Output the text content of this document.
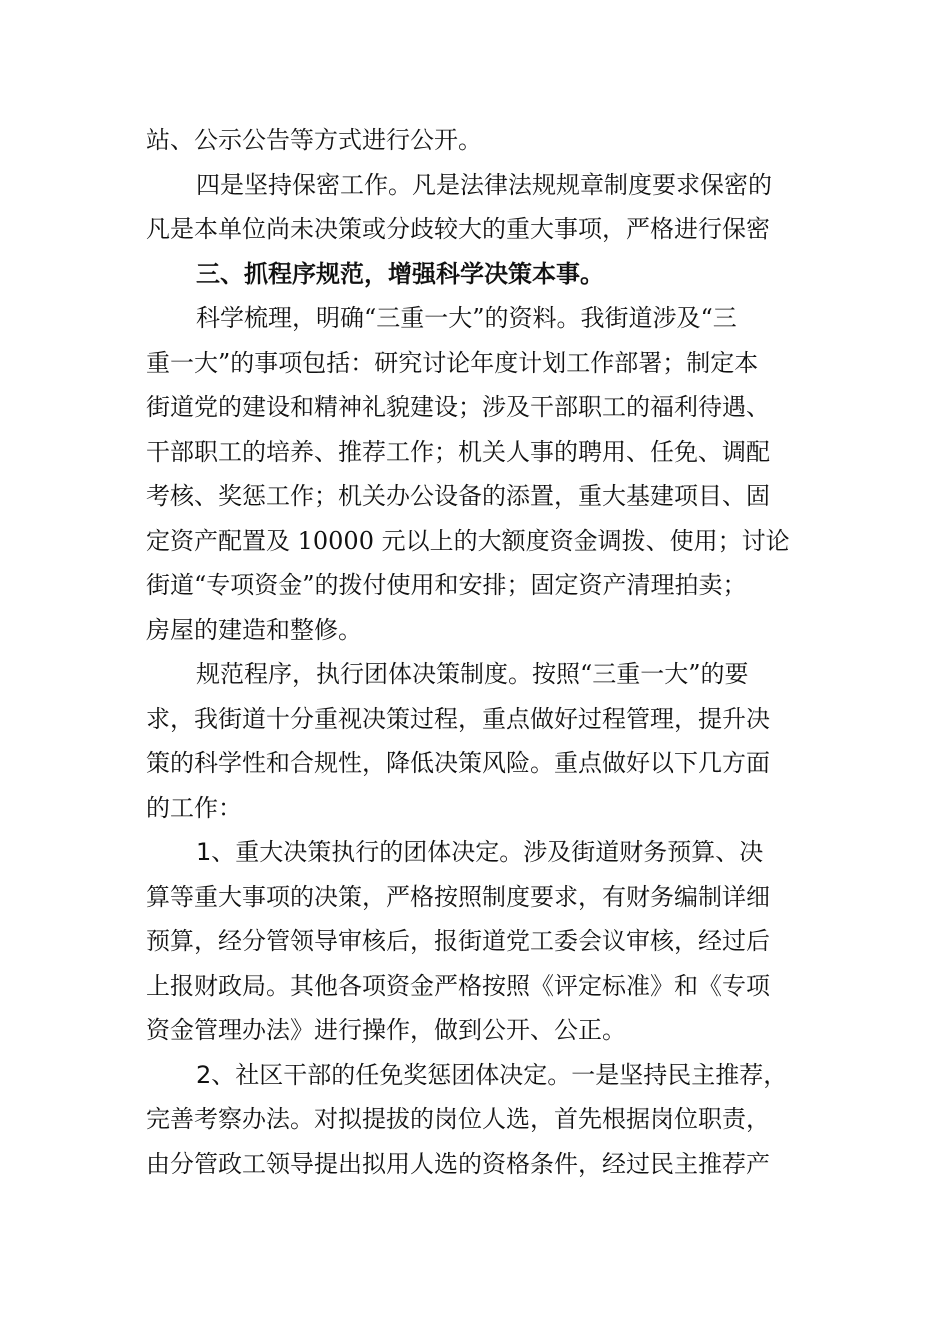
站、公示公告等方式进行公开。
四是坚持保密工作。凡是法律法规规章制度要求保密的
凡是本单位尚未决策或分歧较大的重大事项，严格进行保密
三、抓程序规范，增强科学决策本事。
科学梳理，明确“三重一大”的资料。我街道涉及“三
重一大”的事项包括：研究讨论年度计划工作部署；制定本
街道党的建设和精神礼貌建设；涉及干部职工的福利待遇、
干部职工的培养、推荐工作；机关人事的聘用、任免、调配
考核、奖惩工作；机关办公设备的添置，重大基建项目、固
定资产配置及 10000 元以上的大额度资金调拨、使用；讨论
街道“专项资金”的拨付使用和安排；固定资产清理拍卖；
房屋的建造和整修。
规范程序，执行团体决策制度。按照“三重一大”的要
求，我街道十分重视决策过程，重点做好过程管理，提升决
策的科学性和合规性，降低决策风险。重点做好以下几方面
的工作：
1、重大决策执行的团体决定。涉及街道财务预算、决
算等重大事项的决策，严格按照制度要求，有财务编制详细
预算，经分管领导审核后，报街道党工委会议审核，经过后
上报财政局。其他各项资金严格按照《评定标准》和《专项
资金管理办法》进行操作，做到公开、公正。
2、社区干部的任免奖惩团体决定。一是坚持民主推荐，
完善考察办法。对拟提拔的岗位人选，首先根据岗位职责，
由分管政工领导提出拟用人选的资格条件，经过民主推荐产
